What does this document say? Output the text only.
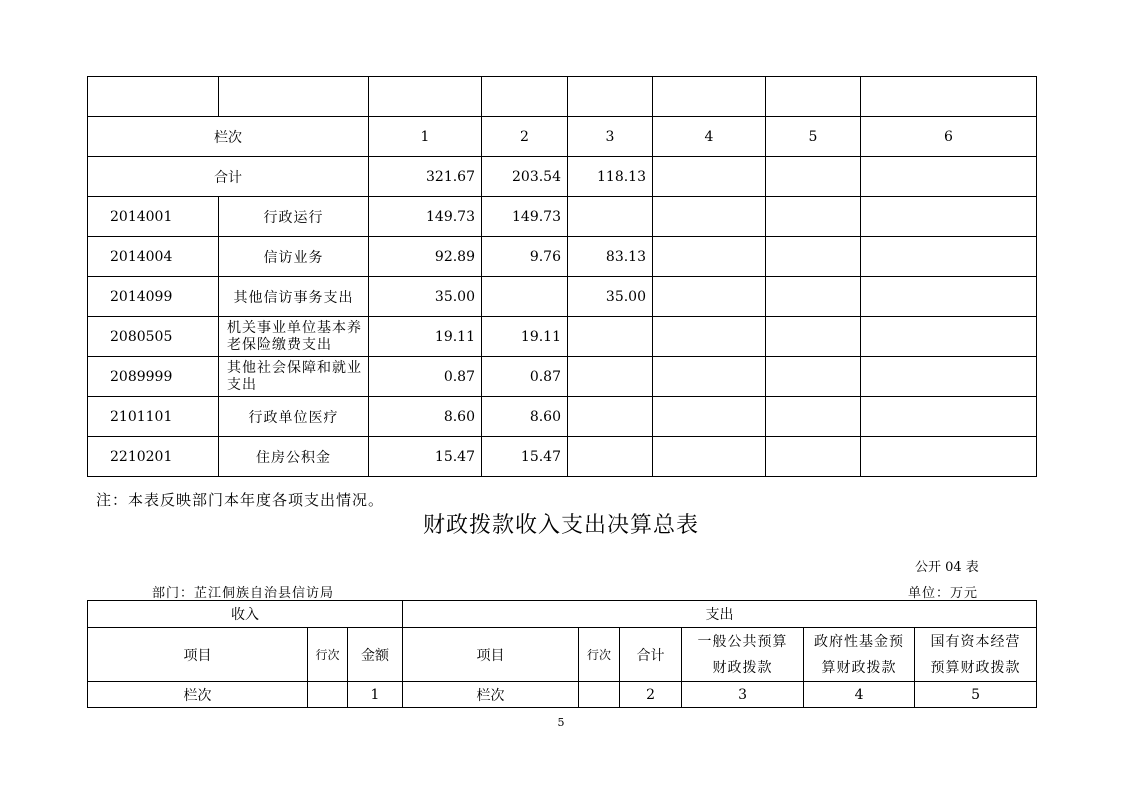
栏次		1	2	3	4	5	6
合计		321.67	203.54	118.13			
2014001	行政运行	149.73	149.73				
2014004	信访业务	92.89	9.76	83.13			
2014099	其他信访事务支出	35.00		35.00			
2080505	机关事业单位基本养老保险缴费支出	19.11	19.11				
2089999	其他社会保障和就业支出	0.87	0.87				
2101101	行政单位医疗	8.60	8.60				
2210201	住房公积金	15.47	15.47				
注：本表反映部门本年度各项支出情况。
财政拨款收入支出决算总表
公开 04 表
部门：芷江侗族自治县信访局	单位：万元
收入			支出					
项目	行次	金额	项目	行次	合计	一般公共预算财政拨款	政府性基金预算财政拨款	国有资本经营预算财政拨款
栏次		1	栏次		2	3	4	5
5
